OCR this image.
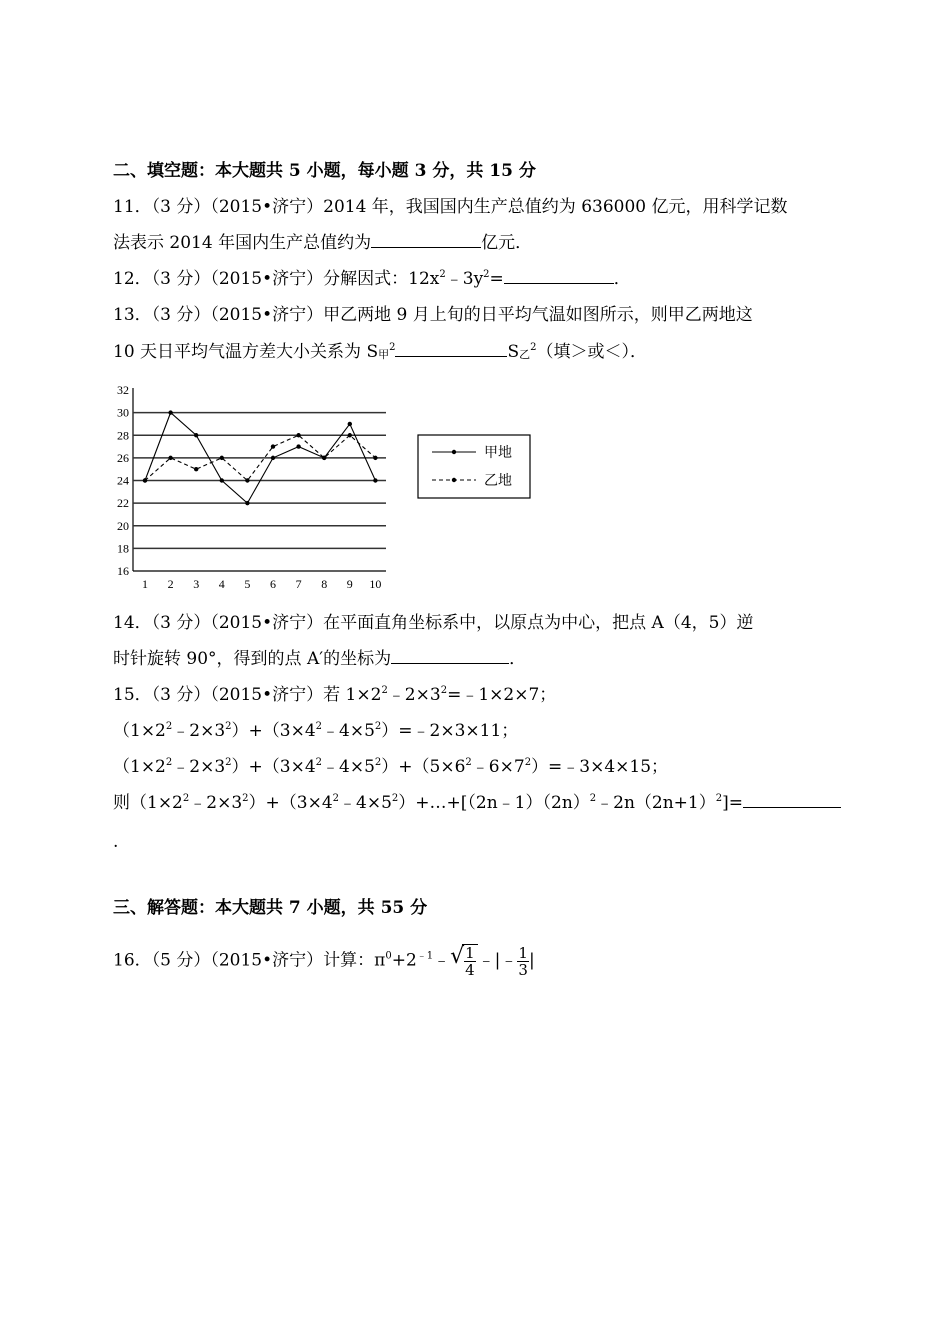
二、填空题：本大题共 5 小题，每小题 3 分，共 15 分
11．（3 分）（2015•济宁）2014 年，我国国内生产总值约为 636000 亿元，用科学记数
法表示 2014 年国内生产总值约为	亿元．
12．（3 分）（2015•济宁）分解因式：$12x^2﹣3y^2=$	．
13．（3 分）（2015•济宁）甲乙两地 9 月上旬的日平均气温如图所示，则甲乙两地这
10 天日平均气温方差大小关系为 $S_甲^2$	$S_乙^2$（填＞或＜）．
16
18
20
22
24
26
28
30
32
1 2 3 4 5 6 7 8 9 10
甲地
乙地
14．（3 分）（2015•济宁）在平面直角坐标系中，以原点为中心，把点 A（4，5）逆
时针旋转 90°，得到的点 A′的坐标为	．
15．（3 分）（2015•济宁）若 $1\times 2^2﹣2\times 3^2=﹣1\times 2\times 7$；
$(1\times 2^2﹣2\times 3^2)+(3\times 4^2﹣4\times 5^2)=﹣2\times 3\times 11$；
$(1\times 2^2﹣2\times 3^2)+(3\times 4^2﹣4\times 5^2)+(5\times 6^2﹣6\times 7^2)=﹣3\times 4\times 15$；
则$(1\times 2^2﹣2\times 3^2)+(3\times 4^2﹣4\times 5^2)+\dots+[(2n﹣1)(2n)^2﹣2n(2n+1)^2]=$
.
三、解答题：本大题共 7 小题，共 55 分
16．（5 分）（2015•济宁）计算：$\pi^0+2^{﹣1}﹣$ √ $\frac{1}{4}$ ﹣|﹣ $\frac{1}{3}$ |
